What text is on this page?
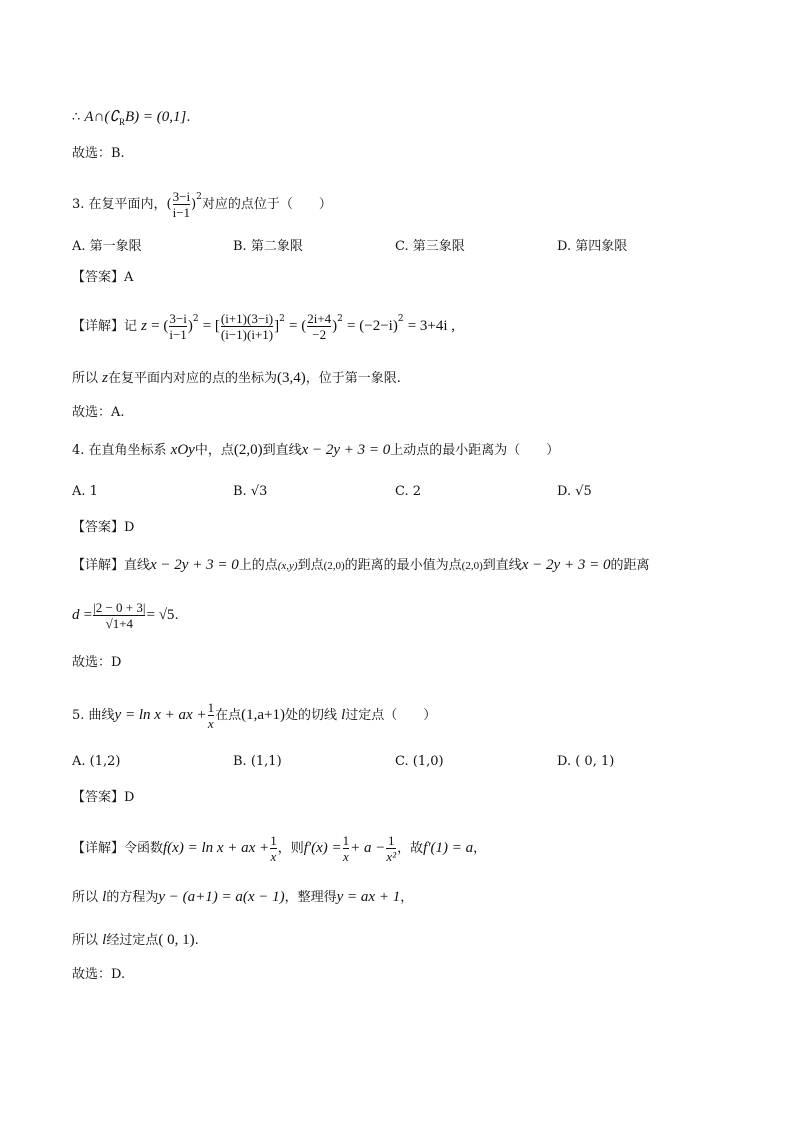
∴ $A\cap(∁_RB) = (0,1]$.
故选：B.
3. 在复平面内，( $\frac{3-i}{i-1} )^2$对应的点位于（　　）
A. 第一象限	B. 第二象限	C. 第三象限	D. 第四象限
【答案】A
【详解】记 z = ( $\frac{3-i}{i-1} )^2$ = [ $\frac{(i+1)(3-i)}{(i-1)(i+1)} ]^2$ = ( $\frac{2i+4}{-2} )^2 = (-2-i)^2 = 3+4i$ ,
所以 z在复平面内对应的点的坐标为(3,4)，位于第一象限.
故选：A.
4. 在直角坐标系 xOy中，点(2,0)到直线x − 2y + 3 = 0上动点的最小距离为（　　）
A. 1	B. √3	C. 2	D. √5
【答案】D
【详解】直线x − 2y + 3 = 0上的点(x,y)到点(2,0)的距离的最小值为点(2,0)到直线x − 2y + 3 = 0的距离
$d = \frac{|2 - 0 + 3|}{√1+4} = √5$.
故选：D
5. 曲线y = ln x + ax + $\frac{1}{x}$ 在点(1,a+1)处的切线 l过定点（　　）
A. (1,2)	B. (1,1)	C. (1,0)	D. ( 0, 1)
【答案】D
【详解】令函数f(x) = ln x + ax + $\frac{1}{x}$ ，则$f'(x) = \frac{1}{x} + a - \frac{1}{\text{x²}}$ ，故f′(1) = a，
所以 l的方程为y − (a+1) = a(x − 1)，整理得y = ax + 1，
所以 l经过定点( 0, 1).
故选：D.
